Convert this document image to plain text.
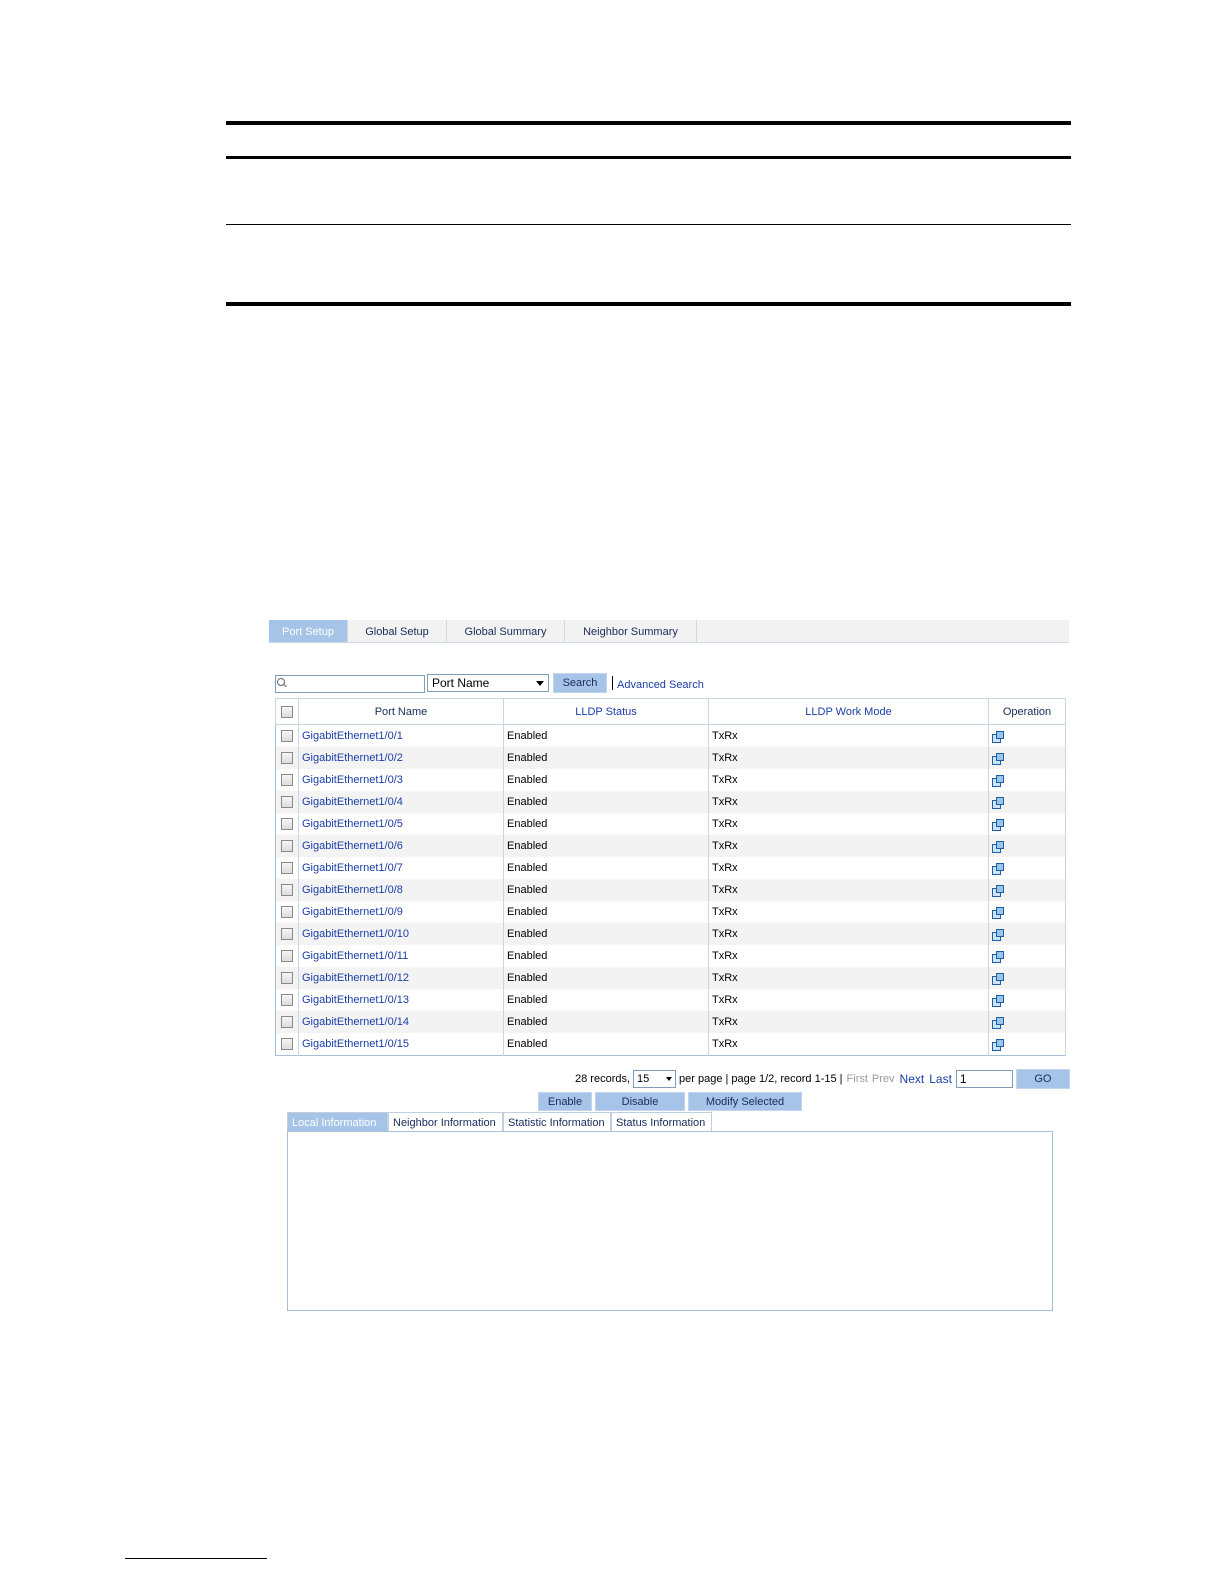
Port Setup	Global Setup	Global Summary	Neighbor Summary
Port Name	Search	Advanced Search
	Port Name	LLDP Status	LLDP Work Mode	Operation
	GigabitEthernet1/0/1	Enabled	TxRx	
	GigabitEthernet1/0/2	Enabled	TxRx	
	GigabitEthernet1/0/3	Enabled	TxRx	
	GigabitEthernet1/0/4	Enabled	TxRx	
	GigabitEthernet1/0/5	Enabled	TxRx	
	GigabitEthernet1/0/6	Enabled	TxRx	
	GigabitEthernet1/0/7	Enabled	TxRx	
	GigabitEthernet1/0/8	Enabled	TxRx	
	GigabitEthernet1/0/9	Enabled	TxRx	
	GigabitEthernet1/0/10	Enabled	TxRx	
	GigabitEthernet1/0/11	Enabled	TxRx	
	GigabitEthernet1/0/12	Enabled	TxRx	
	GigabitEthernet1/0/13	Enabled	TxRx	
	GigabitEthernet1/0/14	Enabled	TxRx	
	GigabitEthernet1/0/15	Enabled	TxRx	
28 records, 15	per page | page 1/2, record 1-15 | First Prev Next Last 1	GO
Enable	Disable	Modify Selected
Local Information	Neighbor Information	Statistic Information	Status Information
